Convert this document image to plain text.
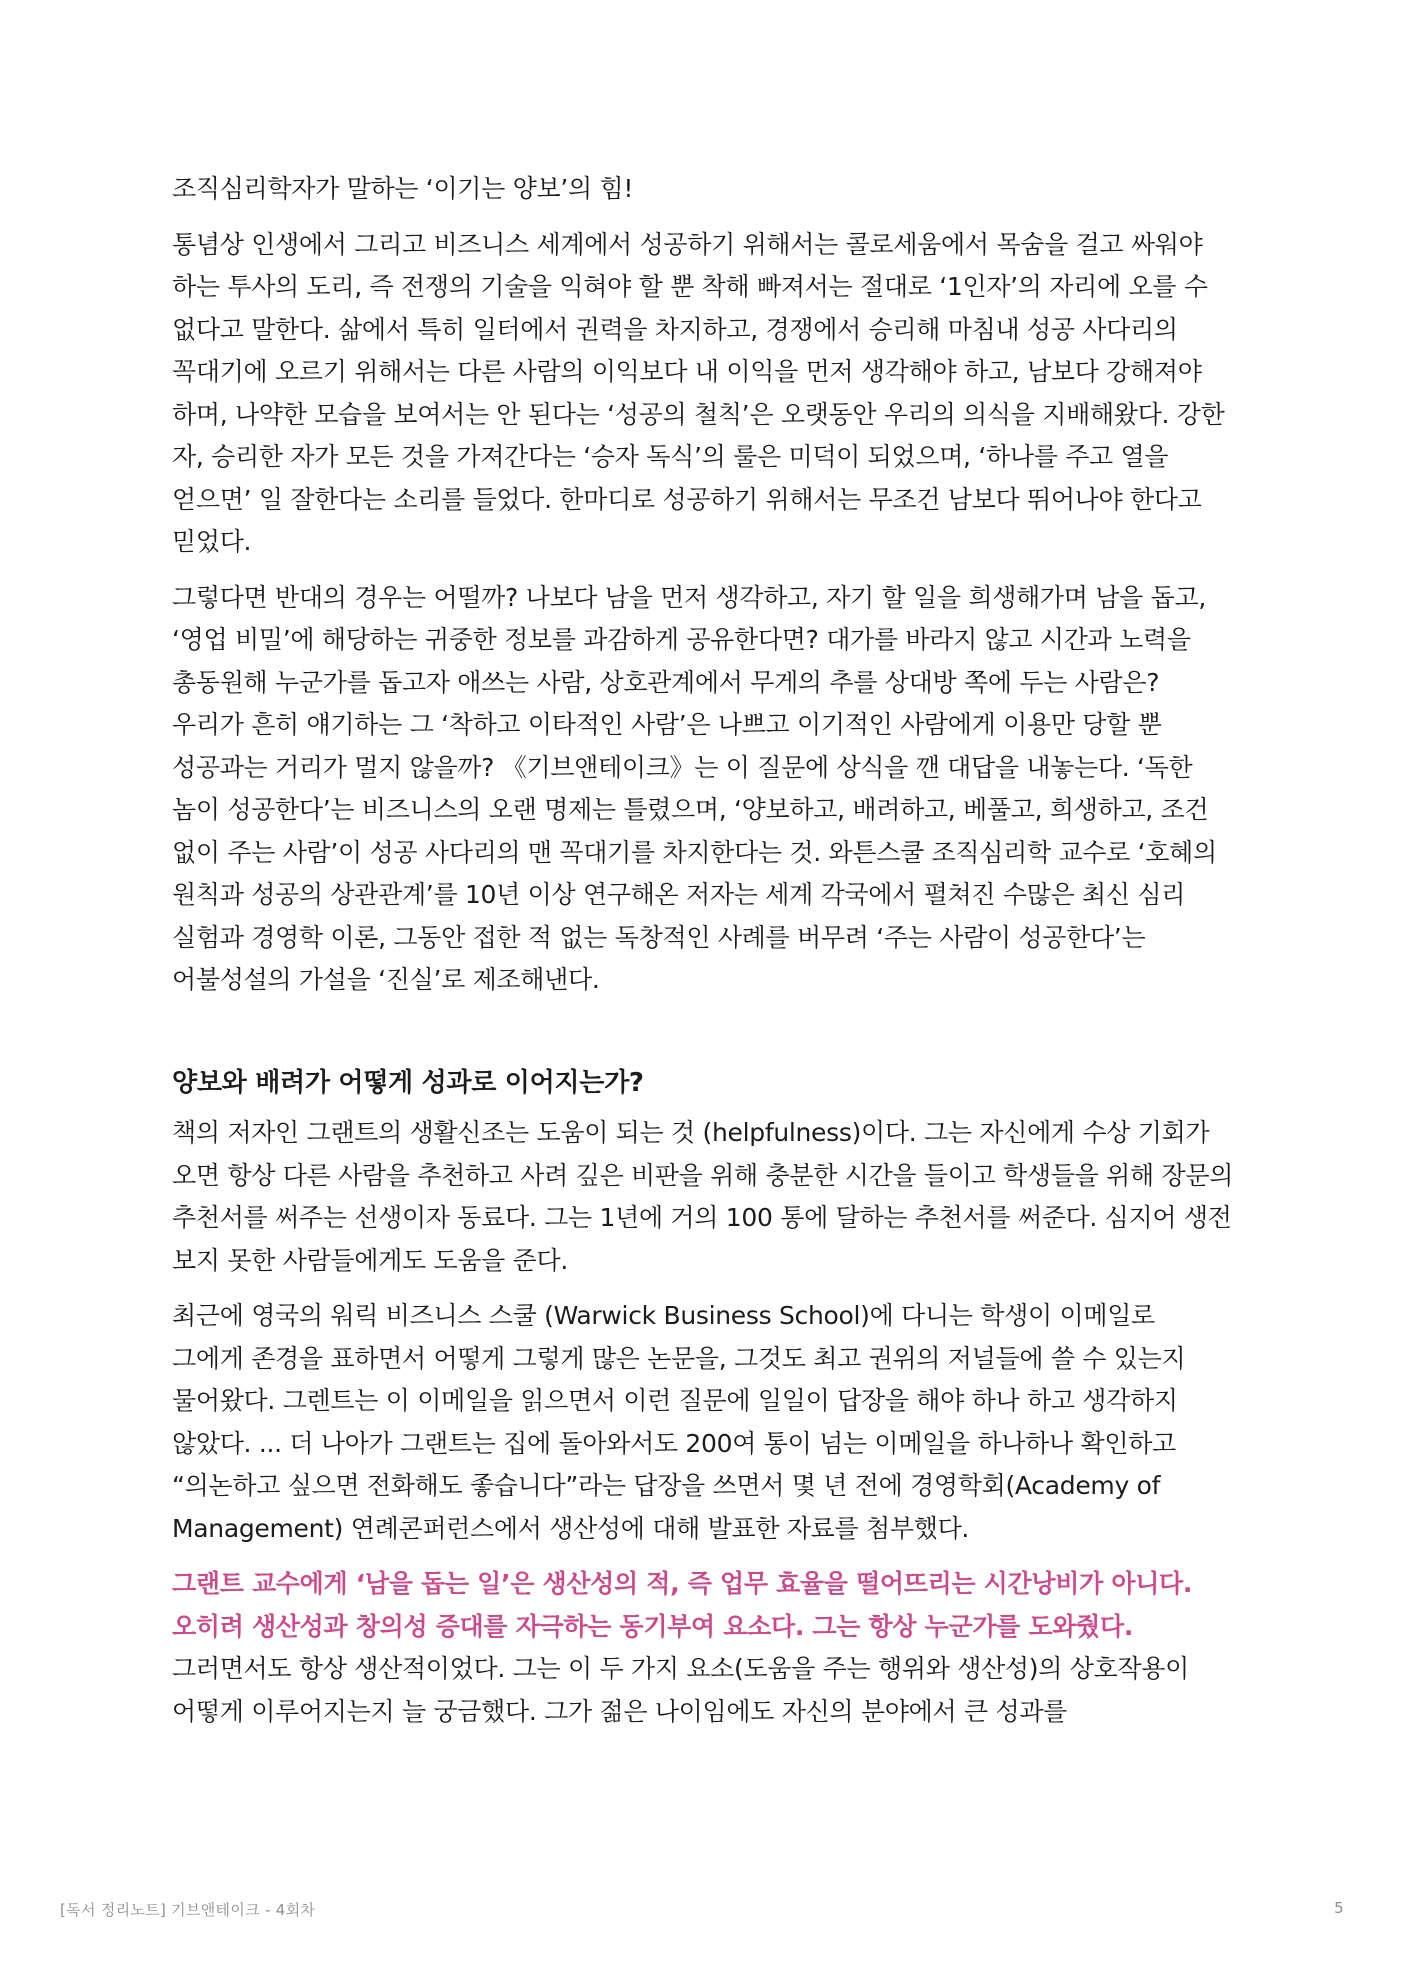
조직심리학자가 말하는 ‘이기는 양보’의 힘!

통념상 인생에서 그리고 비즈니스 세계에서 성공하기 위해서는 콜로세움에서 목숨을 걸고 싸워야 하는 투사의 도리, 즉 전쟁의 기술을 익혀야 할 뿐 착해 빠져서는 절대로 ‘1인자’의 자리에 오를 수 없다고 말한다. 삶에서 특히 일터에서 권력을 차지하고, 경쟁에서 승리해 마침내 성공 사다리의 꼭대기에 오르기 위해서는 다른 사람의 이익보다 내 이익을 먼저 생각해야 하고, 남보다 강해져야 하며, 나약한 모습을 보여서는 안 된다는 ‘성공의 철칙’은 오랫동안 우리의 의식을 지배해왔다. 강한 자, 승리한 자가 모든 것을 가져간다는 ‘승자 독식’의 룰은 미덕이 되었으며, ‘하나를 주고 열을 얻으면’ 일 잘한다는 소리를 들었다. 한마디로 성공하기 위해서는 무조건 남보다 뛰어나야 한다고 믿었다.

그렇다면 반대의 경우는 어떨까? 나보다 남을 먼저 생각하고, 자기 할 일을 희생해가며 남을 돕고, ‘영업 비밀’에 해당하는 귀중한 정보를 과감하게 공유한다면? 대가를 바라지 않고 시간과 노력을 총동원해 누군가를 돕고자 애쓰는 사람, 상호관계에서 무게의 추를 상대방 쪽에 두는 사람은? 우리가 흔히 얘기하는 그 ‘착하고 이타적인 사람’은 나쁘고 이기적인 사람에게 이용만 당할 뿐 성공과는 거리가 멀지 않을까? 《기브앤테이크》는 이 질문에 상식을 깬 대답을 내놓는다. ‘독한 놈이 성공한다’는 비즈니스의 오랜 명제는 틀렸으며, ‘양보하고, 배려하고, 베풀고, 희생하고, 조건 없이 주는 사람’이 성공 사다리의 맨 꼭대기를 차지한다는 것. 와튼스쿨 조직심리학 교수로 ‘호혜의 원칙과 성공의 상관관계’를 10년 이상 연구해온 저자는 세계 각국에서 펼쳐진 수많은 최신 심리 실험과 경영학 이론, 그동안 접한 적 없는 독창적인 사례를 버무려 ‘주는 사람이 성공한다’는 어불성설의 가설을 ‘진실’로 제조해낸다.

양보와 배려가 어떻게 성과로 이어지는가?

책의 저자인 그랜트의 생활신조는 도움이 되는 것 (helpfulness)이다. 그는 자신에게 수상 기회가 오면 항상 다른 사람을 추천하고 사려 깊은 비판을 위해 충분한 시간을 들이고 학생들을 위해 장문의 추천서를 써주는 선생이자 동료다. 그는 1년에 거의 100 통에 달하는 추천서를 써준다. 심지어 생전 보지 못한 사람들에게도 도움을 준다.

최근에 영국의 워릭 비즈니스 스쿨 (Warwick Business School)에 다니는 학생이 이메일로 그에게 존경을 표하면서 어떻게 그렇게 많은 논문을, 그것도 최고 권위의 저널들에 쓸 수 있는지 물어왔다. 그렌트는 이 이메일을 읽으면서 이런 질문에 일일이 답장을 해야 하나 하고 생각하지 않았다. ... 더 나아가 그랜트는 집에 돌아와서도 200여 통이 넘는 이메일을 하나하나 확인하고 “의논하고 싶으면 전화해도 좋습니다”라는 답장을 쓰면서 몇 년 전에 경영학회(Academy of Management) 연례콘퍼런스에서 생산성에 대해 발표한 자료를 첨부했다.

그랜트 교수에게 ‘남을 돕는 일’은 생산성의 적, 즉 업무 효율을 떨어뜨리는 시간낭비가 아니다. 오히려 생산성과 창의성 증대를 자극하는 동기부여 요소다. 그는 항상 누군가를 도와줬다.
그러면서도 항상 생산적이었다. 그는 이 두 가지 요소(도움을 주는 행위와 생산성)의 상호작용이 어떻게 이루어지는지 늘 궁금했다. 그가 젊은 나이임에도 자신의 분야에서 큰 성과를

[독서 정리노트] 기브앤테이크 - 4회차	5
